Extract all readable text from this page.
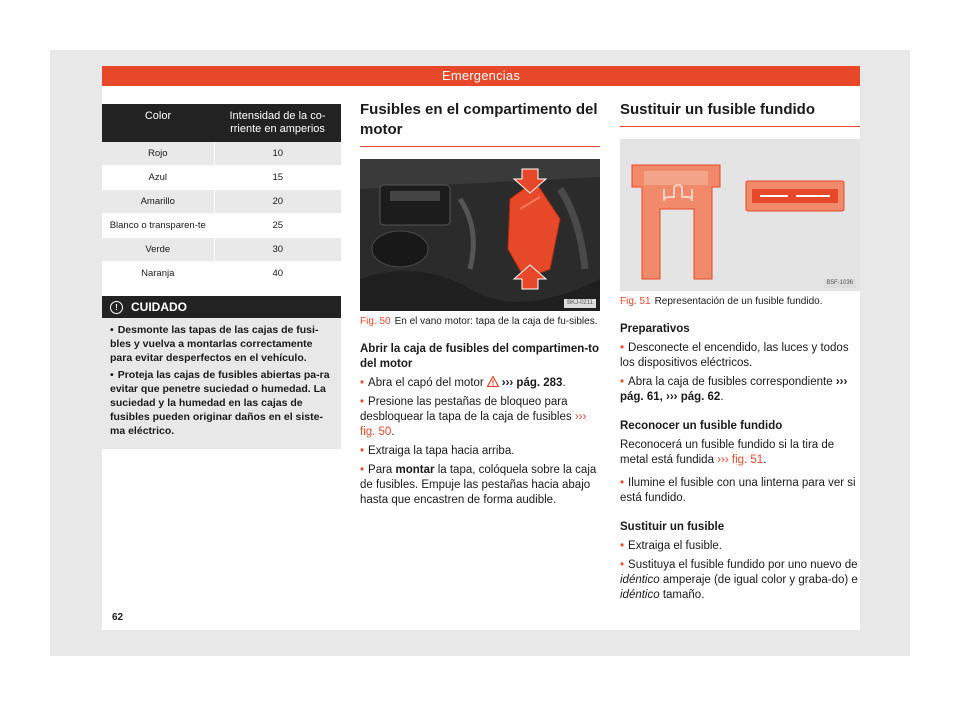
Emergencias
Color	Intensidad de la co-rriente en amperios
Rojo	10
Azul	15
Amarillo	20
Blanco o transparen-te	25
Verde	30
Naranja	40
!	CUIDADO

• Desmonte las tapas de las cajas de fusi-bles y vuelva a montarlas correctamente para evitar desperfectos en el vehículo.

• Proteja las cajas de fusibles abiertas pa-ra evitar que penetre suciedad o humedad. La suciedad y la humedad en las cajas de fusibles pueden originar daños en el siste-ma eléctrico.

Fusibles en el compartimento del motor
BKJ-0211
Fig. 50 En el vano motor: tapa de la caja de fu-sibles.
Abrir la caja de fusibles del compartimen-to del motor

• Abra el capó del motor ››› pág. 283.

• Presione las pestañas de bloqueo para desbloquear la tapa de la caja de fusibles ››› fig. 50.

• Extraiga la tapa hacia arriba.

• Para montar la tapa, colóquela sobre la caja de fusibles. Empuje las pestañas hacia abajo hasta que encastren de forma audible.

Sustituir un fusible fundido
B5F-1036
Fig. 51 Representación de un fusible fundido.
Preparativos

• Desconecte el encendido, las luces y todos los dispositivos eléctricos.

• Abra la caja de fusibles correspondiente ››› pág. 61, ››› pág. 62.

Reconocer un fusible fundido

Reconocerá un fusible fundido si la tira de metal está fundida ››› fig. 51.

• Ilumine el fusible con una linterna para ver si está fundido.

Sustituir un fusible

• Extraiga el fusible.

• Sustituya el fusible fundido por uno nuevo de idéntico amperaje (de igual color y graba-do) e idéntico tamaño.

62
